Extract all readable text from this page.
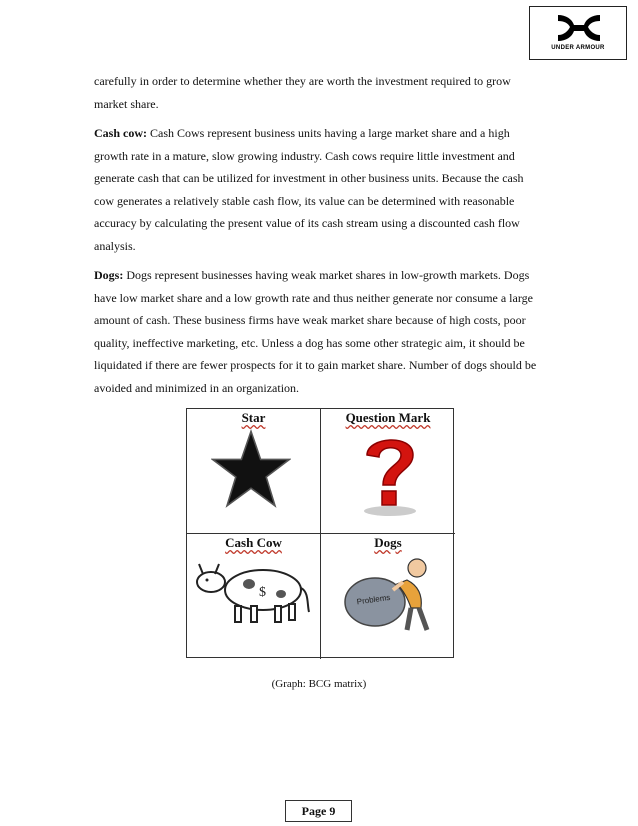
UNDER ARMOUR

carefully in order to determine whether they are worth the investment required to grow
market share.

Cash cow: Cash Cows represent business units having a large market share and a high
growth rate in a mature, slow growing industry. Cash cows require little investment and
generate cash that can be utilized for investment in other business units. Because the cash
cow generates a relatively stable cash flow, its value can be determined with reasonable
accuracy by calculating the present value of its cash stream using a discounted cash flow
analysis.

Dogs: Dogs represent businesses having weak market shares in low-growth markets. Dogs
have low market share and a low growth rate and thus neither generate nor consume a large
amount of cash. These business firms have weak market share because of high costs, poor
quality, ineffective marketing, etc. Unless a dog has some other strategic aim, it should be
liquidated if there are fewer prospects for it to gain market share. Number of dogs should be
avoided and minimized in an organization.

Star	Question Mark
Cash Cow
$
Dogs
Problems
(Graph: BCG matrix)
Page 9
